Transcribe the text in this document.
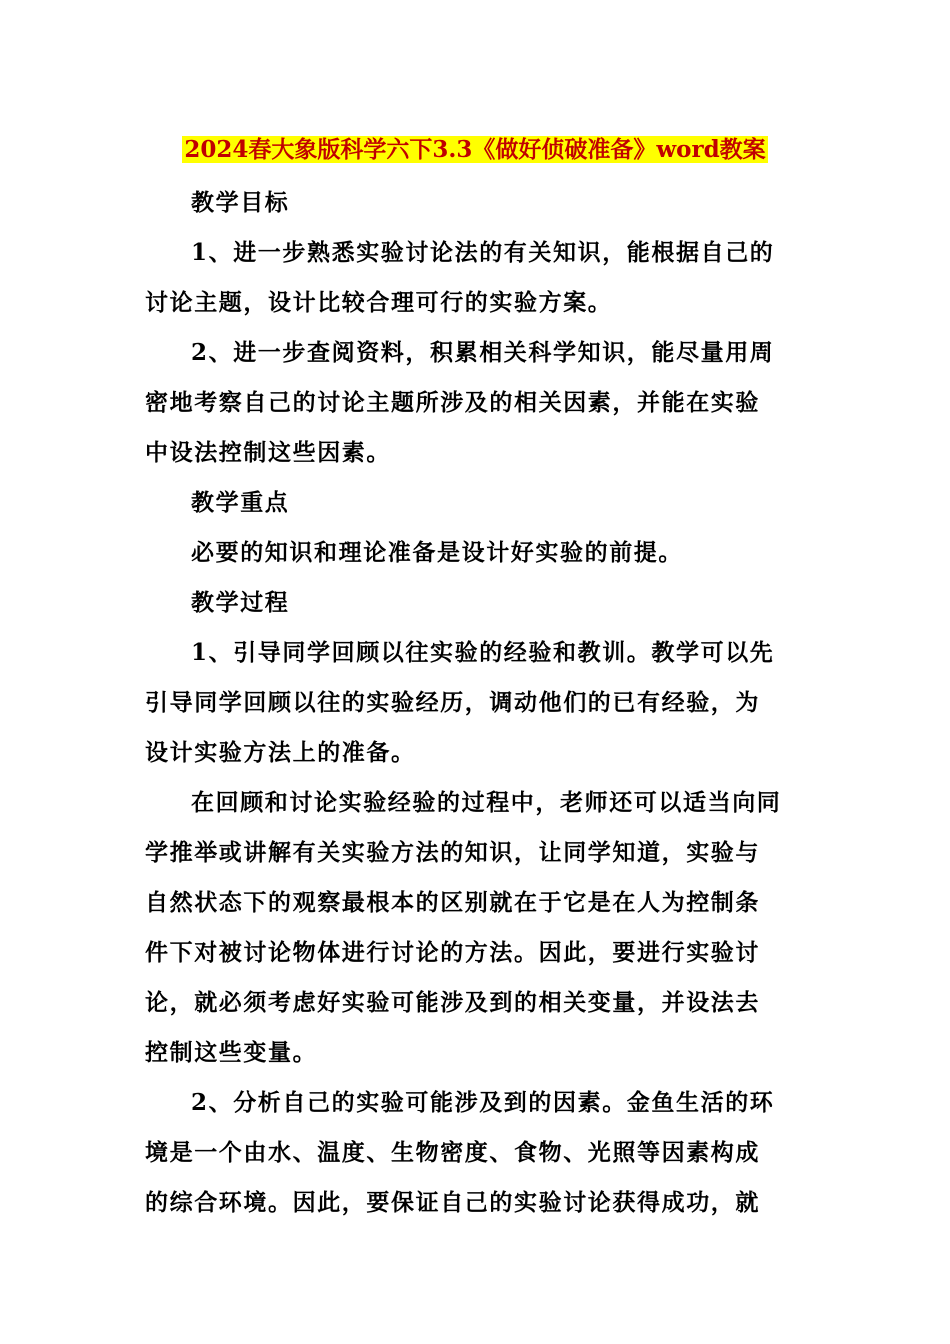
2024春大象版科学六下3.3《做好侦破准备》word教案
教学目标
1、进一步熟悉实验讨论法的有关知识，能根据自己的
讨论主题，设计比较合理可行的实验方案。
2、进一步查阅资料，积累相关科学知识，能尽量用周
密地考察自己的讨论主题所涉及的相关因素，并能在实验
中设法控制这些因素。
教学重点
必要的知识和理论准备是设计好实验的前提。
教学过程
1、引导同学回顾以往实验的经验和教训。教学可以先
引导同学回顾以往的实验经历，调动他们的已有经验，为
设计实验方法上的准备。
在回顾和讨论实验经验的过程中，老师还可以适当向同
学推举或讲解有关实验方法的知识，让同学知道，实验与
自然状态下的观察最根本的区别就在于它是在人为控制条
件下对被讨论物体进行讨论的方法。因此，要进行实验讨
论，就必须考虑好实验可能涉及到的相关变量，并设法去
控制这些变量。
2、分析自己的实验可能涉及到的因素。金鱼生活的环
境是一个由水、温度、生物密度、食物、光照等因素构成
的综合环境。因此，要保证自己的实验讨论获得成功，就
